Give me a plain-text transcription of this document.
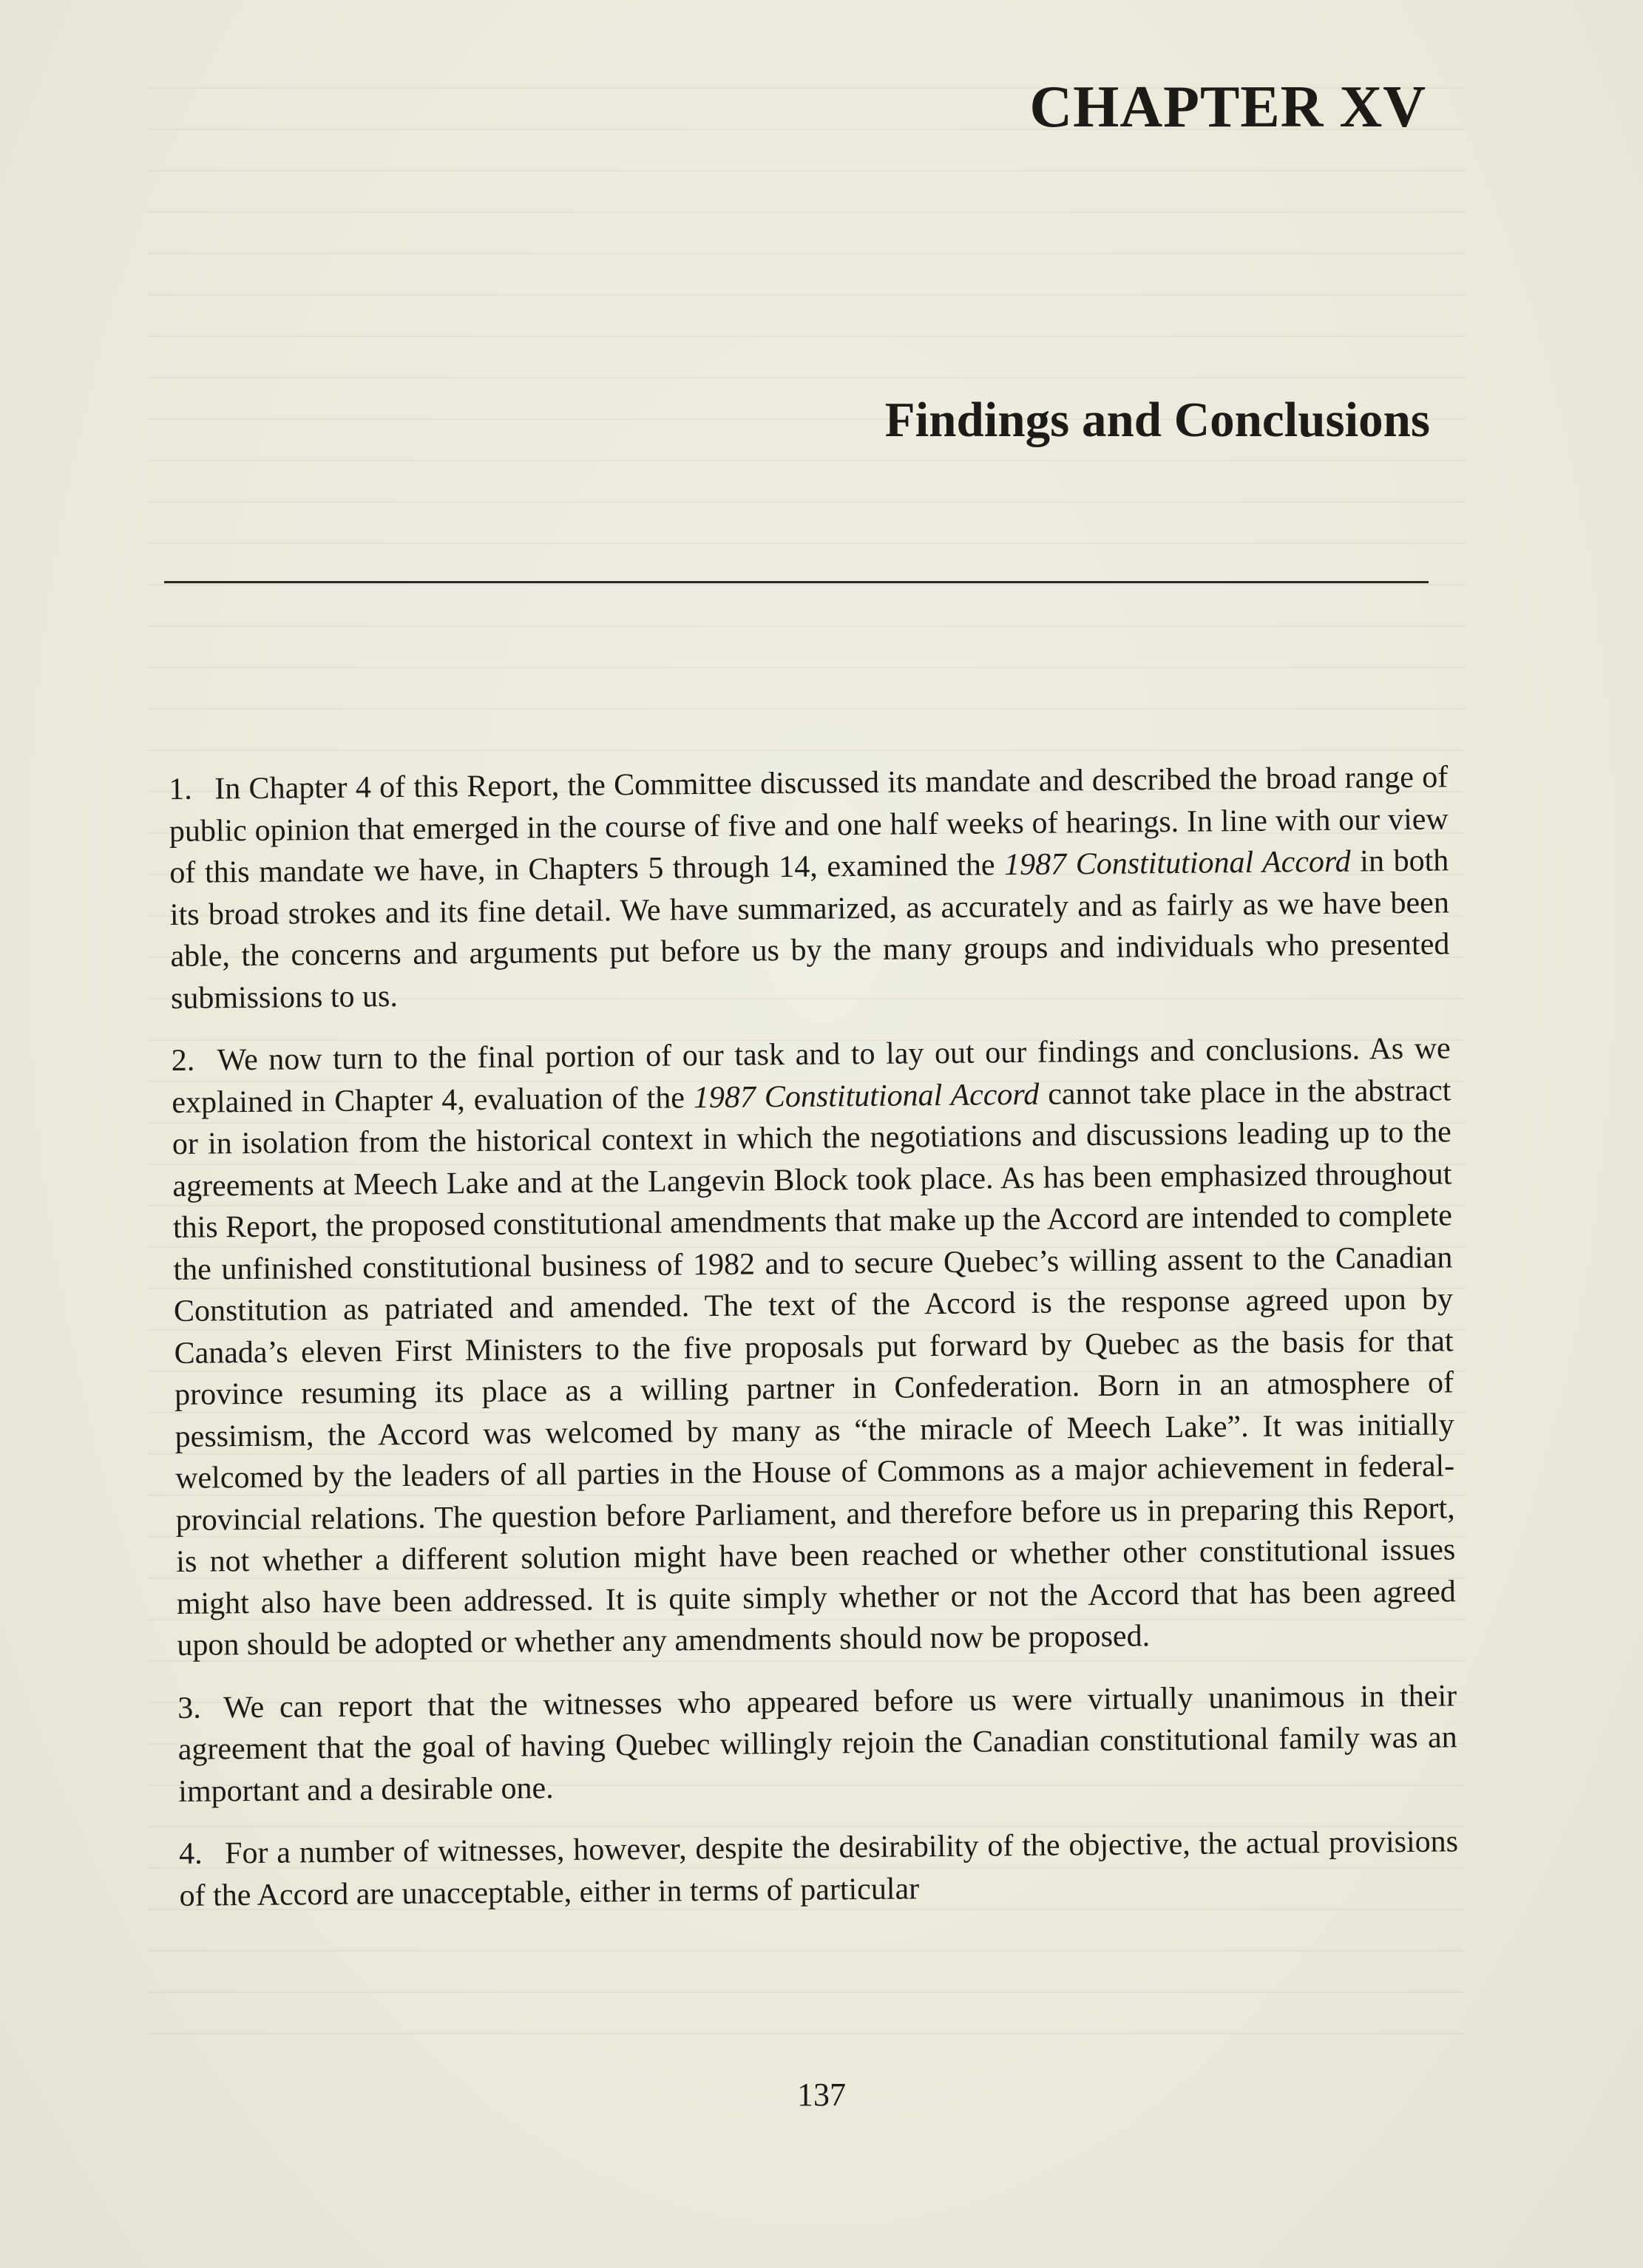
CHAPTER XV
Findings and Conclusions

1. In Chapter 4 of this Report, the Committee discussed its mandate and described the broad range of public opinion that emerged in the course of five and one half weeks of hearings. In line with our view of this mandate we have, in Chapters 5 through 14, examined the 1987 Constitutional Accord in both its broad strokes and its fine detail. We have summarized, as accurately and as fairly as we have been able, the concerns and arguments put before us by the many groups and individuals who presented submissions to us.

2. We now turn to the final portion of our task and to lay out our findings and conclusions. As we explained in Chapter 4, evaluation of the 1987 Constitutional Accord cannot take place in the abstract or in isolation from the historical context in which the negotiations and discussions leading up to the agreements at Meech Lake and at the Langevin Block took place. As has been emphasized throughout this Report, the proposed constitutional amendments that make up the Accord are intended to complete the unfinished constitutional business of 1982 and to secure Quebec’s willing assent to the Canadian Constitution as patriated and amended. The text of the Accord is the response agreed upon by Canada’s eleven First Ministers to the five proposals put forward by Quebec as the basis for that province resuming its place as a willing partner in Confederation. Born in an atmosphere of pessimism, the Accord was welcomed by many as “the miracle of Meech Lake”. It was initially welcomed by the leaders of all parties in the House of Commons as a major achievement in federal-provincial relations. The question before Parliament, and therefore before us in preparing this Report, is not whether a different solution might have been reached or whether other constitutional issues might also have been addressed. It is quite simply whether or not the Accord that has been agreed upon should be adopted or whether any amendments should now be proposed.

3. We can report that the witnesses who appeared before us were virtually unanimous in their agreement that the goal of having Quebec willingly rejoin the Canadian constitutional family was an important and a desirable one.

4. For a number of witnesses, however, despite the desirability of the objective, the actual provisions of the Accord are unacceptable, either in terms of particular

137
